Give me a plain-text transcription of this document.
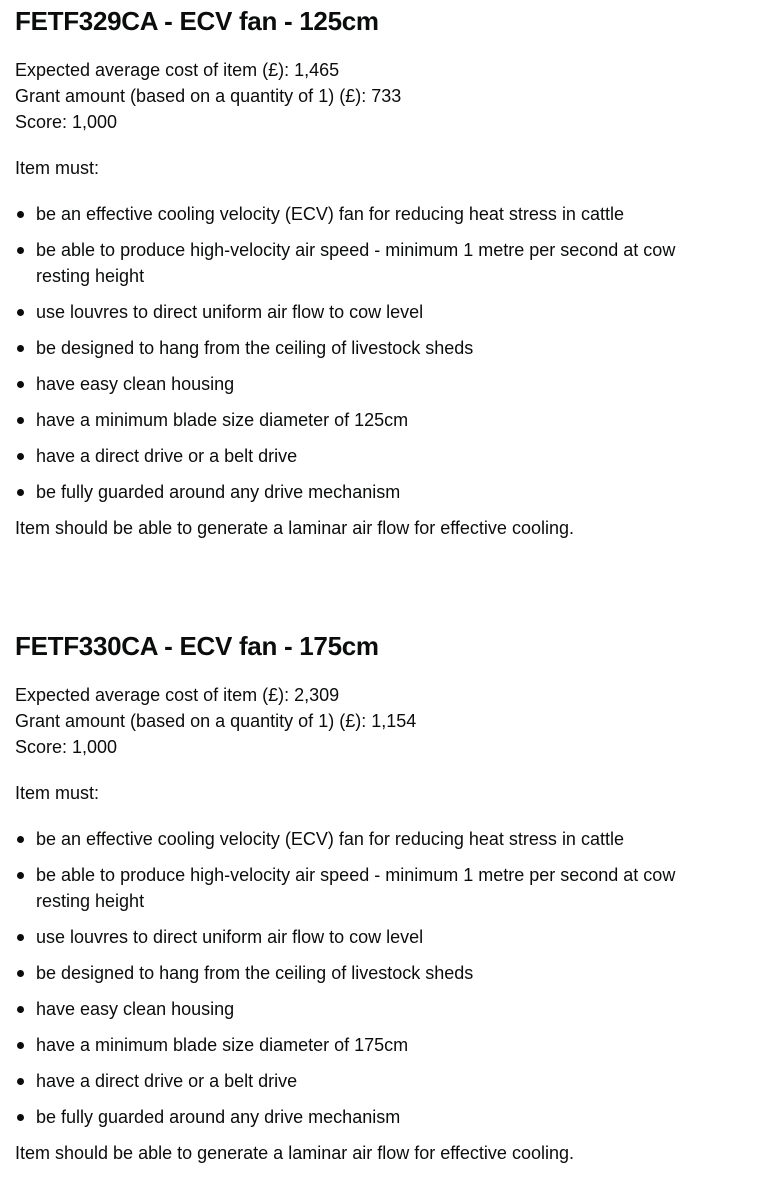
FETF329CA - ECV fan - 125cm
Expected average cost of item (£): 1,465
Grant amount (based on a quantity of 1) (£): 733
Score: 1,000
Item must:
be an effective cooling velocity (ECV) fan for reducing heat stress in cattle
be able to produce high-velocity air speed - minimum 1 metre per second at cow resting height
use louvres to direct uniform air flow to cow level
be designed to hang from the ceiling of livestock sheds
have easy clean housing
have a minimum blade size diameter of 125cm
have a direct drive or a belt drive
be fully guarded around any drive mechanism
Item should be able to generate a laminar air flow for effective cooling.
FETF330CA - ECV fan - 175cm
Expected average cost of item (£): 2,309
Grant amount (based on a quantity of 1) (£): 1,154
Score: 1,000
Item must:
be an effective cooling velocity (ECV) fan for reducing heat stress in cattle
be able to produce high-velocity air speed - minimum 1 metre per second at cow resting height
use louvres to direct uniform air flow to cow level
be designed to hang from the ceiling of livestock sheds
have easy clean housing
have a minimum blade size diameter of 175cm
have a direct drive or a belt drive
be fully guarded around any drive mechanism
Item should be able to generate a laminar air flow for effective cooling.
